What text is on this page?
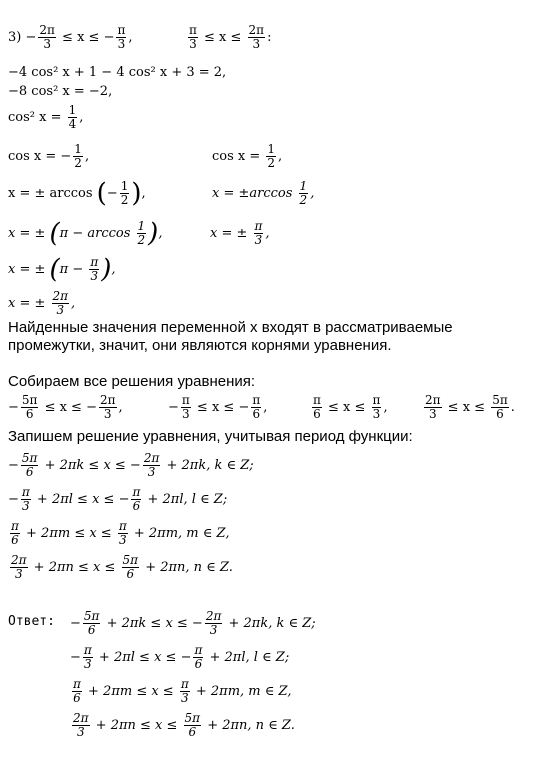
$3) - \frac{2\pi}{3} \le x$ ≤ − $\frac{\pi}{3}$ ,	$\frac{\pi}{3} \le x \le \frac{2\pi}{3}$ :
−4 cos² x + 1 − 4 cos² x + 3 = 2,
−8 cos² x = −2,
cos² $x = \frac{1}{4}$ ,
cos x = − $\frac{1}{2}$ ,	$\cos x = \frac{1}{2}$ ,
x = ± arccos (− $\frac{1}{2}$ ),	$x = \pm\arccos \frac{1}{2}$ ,
x = ± ($\pi - \arccos \frac{1}{2}$ ),	x = ± $\frac{\pi}{3}$ ,
x = ± ($\pi - \frac{\pi}{3}$ ),
x = ± $\frac{2\pi}{3}$ ,
Найденные значения переменной x входят в рассматриваемые
промежутки, значит, они являются корнями уравнения.
Собираем все решения уравнения:
− $\frac{5\pi}{6} \le x$ ≤ − $\frac{2\pi}{3}$ ,	− $\frac{\pi}{3} \le x$ ≤ − $\frac{\pi}{6}$ ,	$\frac{\pi}{6} \le x \le \frac{\pi}{3}$ ,	$\frac{2\pi}{3} \le x \le \frac{5\pi}{6}$ .
Запишем решение уравнения, учитывая период функции:
− $\frac{5\pi}{6} + 2\pi k \le x$ ≤ − $\frac{2\pi}{3} + 2\pi k$, k ∈ Z;
− $\frac{\pi}{3} + 2\pi l \le x$ ≤ − $\frac{\pi}{6} + 2\pi l$, l ∈ Z;
$\frac{\pi}{6} + 2\pi m \le x \le \frac{\pi}{3} + 2\pi m$, m ∈ Z,
$\frac{2\pi}{3} + 2\pi n \le x \le \frac{5\pi}{6} + 2\pi n$, n ∈ Z.
Ответ: − $\frac{5\pi}{6} + 2\pi k \le x$ ≤ − $\frac{2\pi}{3} + 2\pi k$, k ∈ Z;
− $\frac{\pi}{3} + 2\pi l \le x$ ≤ − $\frac{\pi}{6} + 2\pi l$, l ∈ Z;
$\frac{\pi}{6} + 2\pi m \le x \le \frac{\pi}{3} + 2\pi m$, m ∈ Z,
$\frac{2\pi}{3} + 2\pi n \le x \le \frac{5\pi}{6} + 2\pi n$, n ∈ Z.
